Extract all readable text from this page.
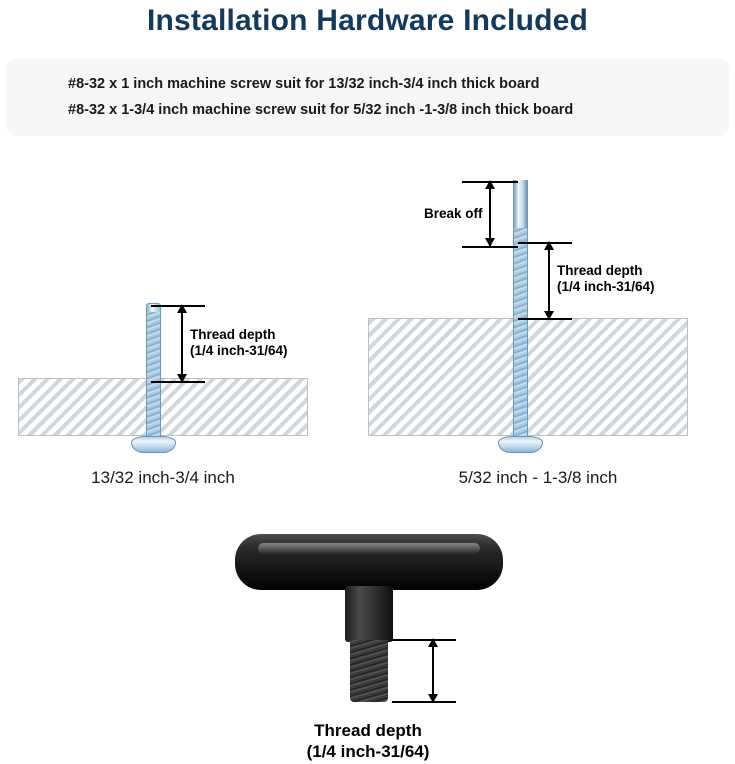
Installation Hardware Included
#8-32 x 1 inch machine screw suit for 13/32 inch-3/4 inch thick board
#8-32 x 1-3/4 inch machine screw suit for 5/32 inch -1-3/8 inch thick board
Thread depth
(1/4 inch-31/64)
13/32 inch-3/4 inch
Break off
Thread depth
(1/4 inch-31/64)
5/32 inch - 1-3/8 inch
Thread depth
(1/4 inch-31/64)
